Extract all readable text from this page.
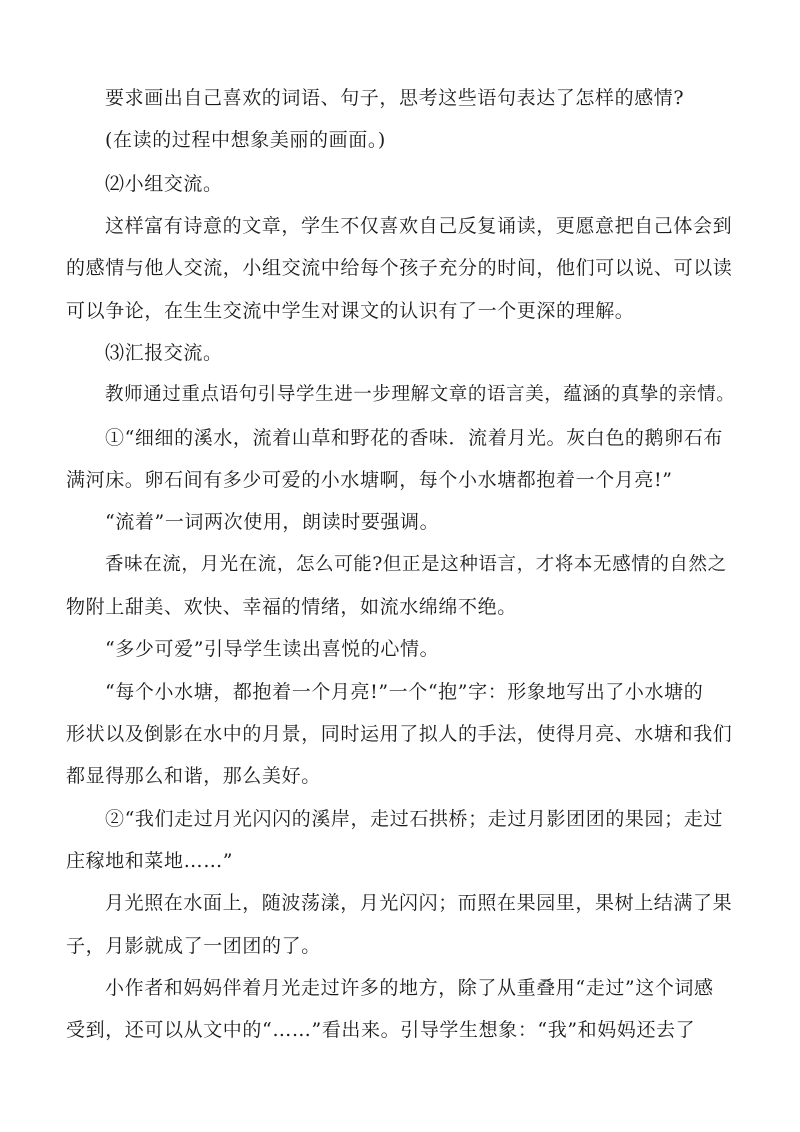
要求画出自己喜欢的词语、句子，思考这些语句表达了怎样的感情?
(在读的过程中想象美丽的画面。)
⑵小组交流。
这样富有诗意的文章，学生不仅喜欢自己反复诵读，更愿意把自己体会到
的感情与他人交流，小组交流中给每个孩子充分的时间，他们可以说、可以读
可以争论，在生生交流中学生对课文的认识有了一个更深的理解。
⑶汇报交流。
教师通过重点语句引导学生进一步理解文章的语言美，蕴涵的真挚的亲情。
①“细细的溪水，流着山草和野花的香味．流着月光。灰白色的鹅卵石布
满河床。卵石间有多少可爱的小水塘啊，每个小水塘都抱着一个月亮!”
“流着”一词两次使用，朗读时要强调。
香味在流，月光在流，怎么可能?但正是这种语言，才将本无感情的自然之
物附上甜美、欢快、幸福的情绪，如流水绵绵不绝。
“多少可爱”引导学生读出喜悦的心情。
“每个小水塘，都抱着一个月亮!”一个“抱”字：形象地写出了小水塘的
形状以及倒影在水中的月景，同时运用了拟人的手法，使得月亮、水塘和我们
都显得那么和谐，那么美好。
②“我们走过月光闪闪的溪岸，走过石拱桥；走过月影团团的果园；走过
庄稼地和菜地……”
月光照在水面上，随波荡漾，月光闪闪；而照在果园里，果树上结满了果
子，月影就成了一团团的了。
小作者和妈妈伴着月光走过许多的地方，除了从重叠用“走过”这个词感
受到，还可以从文中的“……”看出来。引导学生想象：“我”和妈妈还去了
